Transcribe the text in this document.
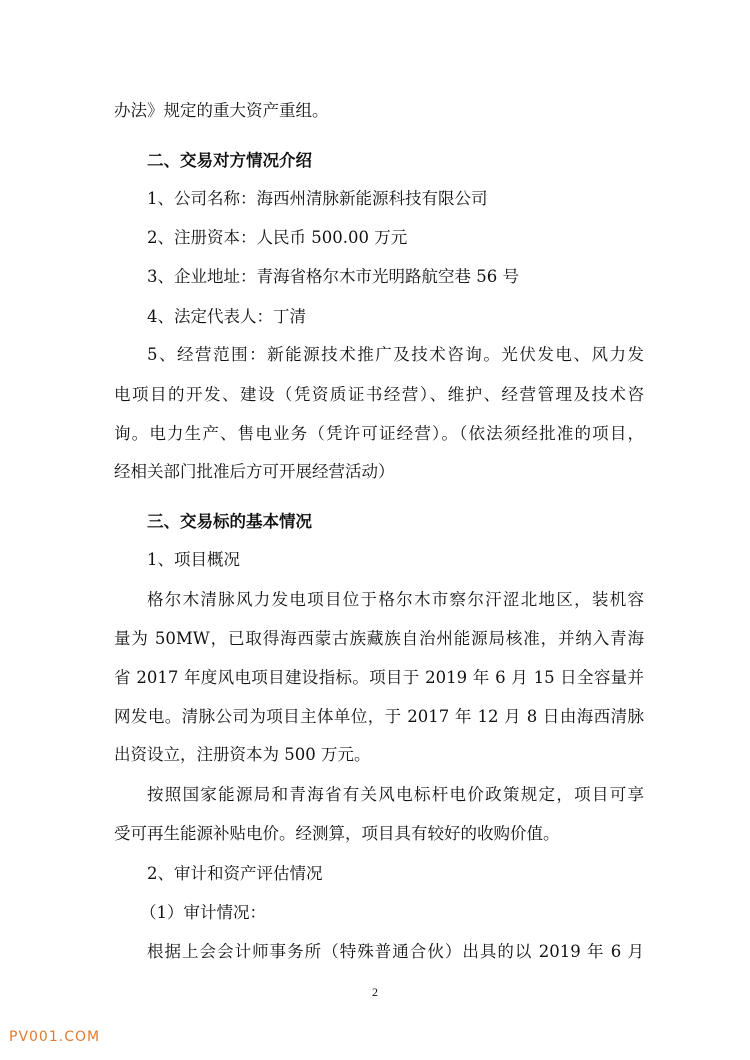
办法》规定的重大资产重组。
二、交易对方情况介绍
1、公司名称：海西州清脉新能源科技有限公司
2、注册资本：人民币 500.00 万元
3、企业地址：青海省格尔木市光明路航空巷 56 号
4、法定代表人：丁清
5、经营范围：新能源技术推广及技术咨询。光伏发电、风力发
电项目的开发、建设（凭资质证书经营）、维护、经营管理及技术咨
询。电力生产、售电业务（凭许可证经营）。（依法须经批准的项目，
经相关部门批准后方可开展经营活动）
三、交易标的基本情况
1、项目概况
格尔木清脉风力发电项目位于格尔木市察尔汗涩北地区，装机容
量为 50MW，已取得海西蒙古族藏族自治州能源局核准，并纳入青海
省 2017 年度风电项目建设指标。项目于 2019 年 6 月 15 日全容量并
网发电。清脉公司为项目主体单位，于 2017 年 12 月 8 日由海西清脉
出资设立，注册资本为 500 万元。
按照国家能源局和青海省有关风电标杆电价政策规定，项目可享
受可再生能源补贴电价。经测算，项目具有较好的收购价值。
2、审计和资产评估情况
（1）审计情况：
根据上会会计师事务所（特殊普通合伙）出具的以 2019 年 6 月
2
PV001.COM
